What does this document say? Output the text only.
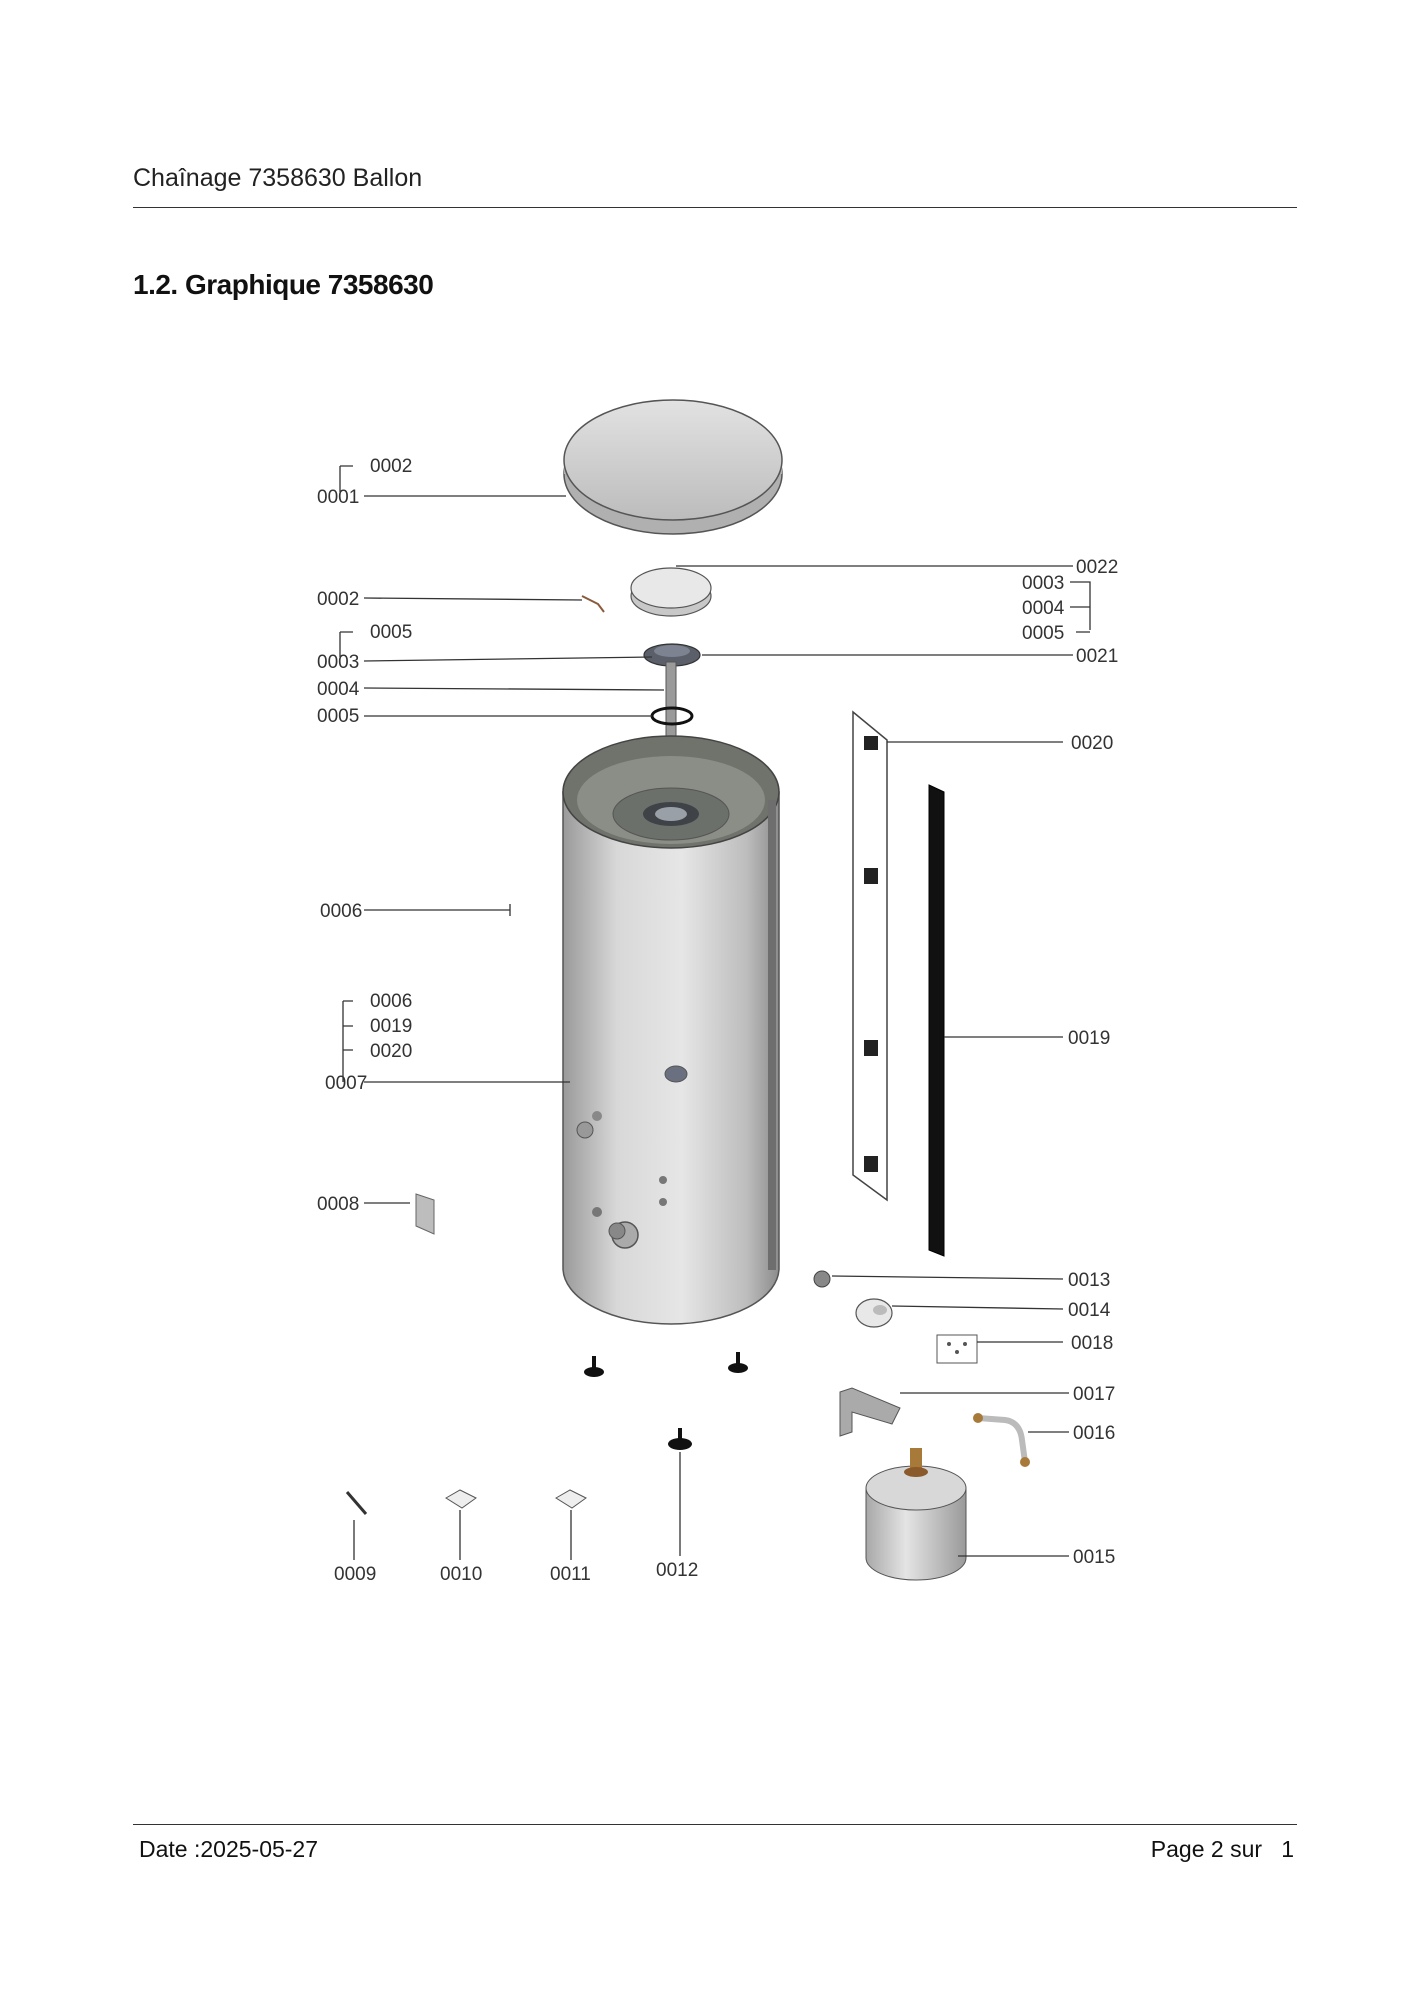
Chaînage 7358630 Ballon
1.2. Graphique 7358630
0002
0001
0002
0005
0003
0004
0005
0006
0006
0019
0020
0007
0008
0009	0010	0011	0012
0022
0003
0004
0005
0021
0020
0019
0013
0014
0018
0017
0016
0015
Date :2025-05-27	Page 2 sur   1
